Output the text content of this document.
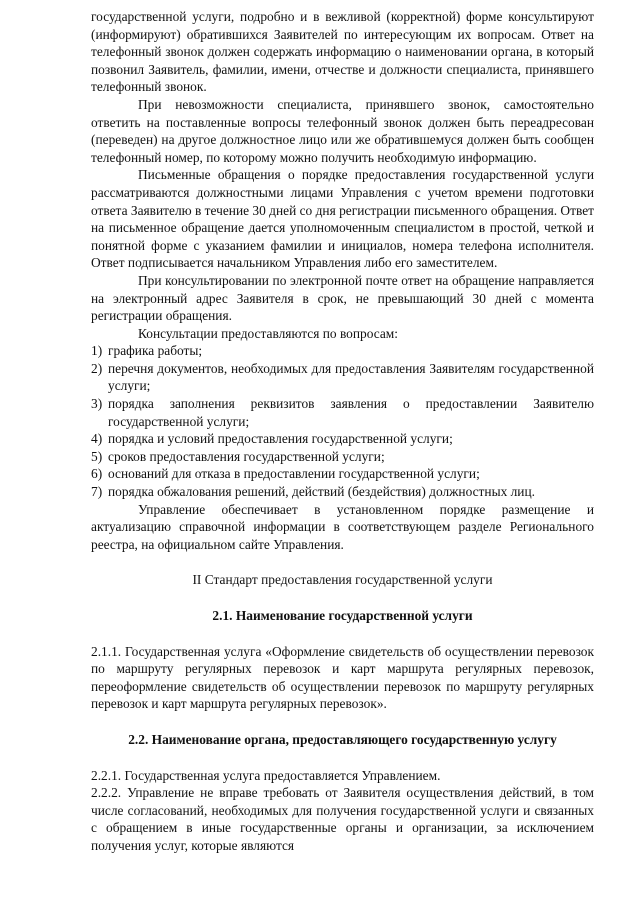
государственной услуги, подробно и в вежливой (корректной) форме консультируют (информируют) обратившихся Заявителей по интересующим их вопросам. Ответ на телефонный звонок должен содержать информацию о наименовании органа, в который позвонил Заявитель, фамилии, имени, отчестве и должности специалиста, принявшего телефонный звонок.

При невозможности специалиста, принявшего звонок, самостоятельно ответить на поставленные вопросы телефонный звонок должен быть переадресован (переведен) на другое должностное лицо или же обратившемуся должен быть сообщен телефонный номер, по которому можно получить необходимую информацию.

Письменные обращения о порядке предоставления государственной услуги рассматриваются должностными лицами Управления с учетом времени подготовки ответа Заявителю в течение 30 дней со дня регистрации письменного обращения. Ответ на письменное обращение дается уполномоченным специалистом в простой, четкой и понятной форме с указанием фамилии и инициалов, номера телефона исполнителя. Ответ подписывается начальником Управления либо его заместителем.

При консультировании по электронной почте ответ на обращение направляется на электронный адрес Заявителя в срок, не превышающий 30 дней с момента регистрации обращения.

Консультации предоставляются по вопросам:

1) графика работы;
2) перечня документов, необходимых для предоставления Заявителям государственной услуги;
3) порядка заполнения реквизитов заявления о предоставлении Заявителю государственной услуги;
4) порядка и условий предоставления государственной услуги;
5) сроков предоставления государственной услуги;
6) оснований для отказа в предоставлении государственной услуги;
7) порядка обжалования решений, действий (бездействия) должностных лиц.

Управление обеспечивает в установленном порядке размещение и актуализацию справочной информации в соответствующем разделе Регионального реестра, на официальном сайте Управления.

II Стандарт предоставления государственной услуги

2.1. Наименование государственной услуги

2.1.1. Государственная услуга «Оформление свидетельств об осуществлении перевозок по маршруту регулярных перевозок и карт маршрута регулярных перевозок, переоформление свидетельств об осуществлении перевозок по маршруту регулярных перевозок и карт маршрута регулярных перевозок».

2.2. Наименование органа, предоставляющего государственную услугу

2.2.1. Государственная услуга предоставляется Управлением.

2.2.2. Управление не вправе требовать от Заявителя осуществления действий, в том числе согласований, необходимых для получения государственной услуги и связанных с обращением в иные государственные органы и организации, за исключением получения услуг, которые являются
